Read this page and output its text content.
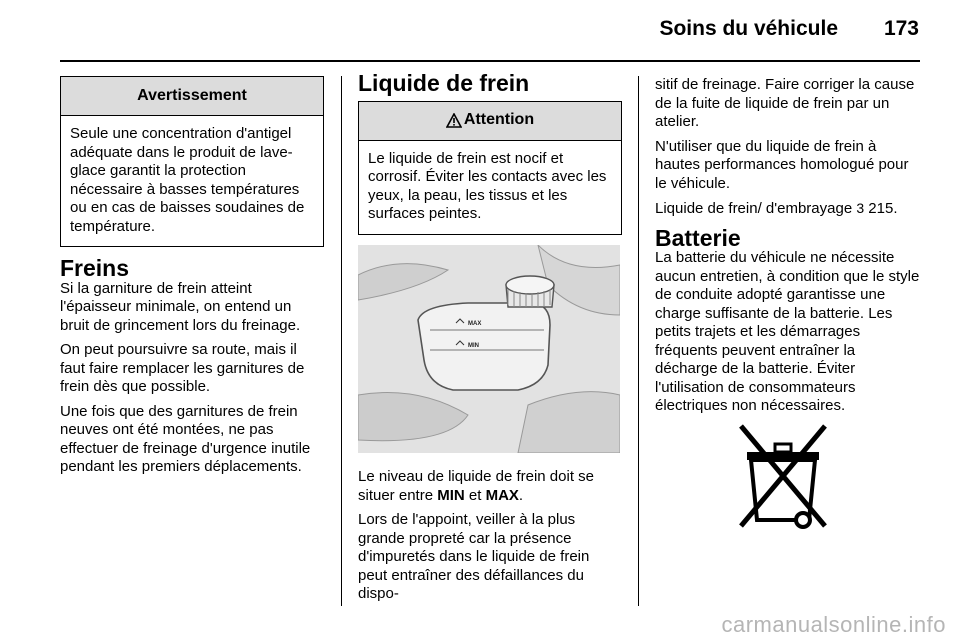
Soins du véhicule 173
Avertissement
Seule une concentration d'antigel adéquate dans le produit de lave-glace garantit la protection nécessaire à basses températures ou en cas de baisses soudaines de température.
Freins

Si la garniture de frein atteint l'épaisseur minimale, on entend un bruit de grincement lors du freinage.

On peut poursuivre sa route, mais il faut faire remplacer les garnitures de frein dès que possible.

Une fois que des garnitures de frein neuves ont été montées, ne pas effectuer de freinage d'urgence inutile pendant les premiers déplacements.

Liquide de frein
Attention
Le liquide de frein est nocif et corrosif. Éviter les contacts avec les yeux, la peau, les tissus et les surfaces peintes.
MAX
MIN

Le niveau de liquide de frein doit se situer entre MIN et MAX.

Lors de l'appoint, veiller à la plus grande propreté car la présence d'impuretés dans le liquide de frein peut entraîner des défaillances du dispo-

sitif de freinage. Faire corriger la cause de la fuite de liquide de frein par un atelier.

N'utiliser que du liquide de frein à hautes performances homologué pour le véhicule.

Liquide de frein/ d'embrayage 3 215.

Batterie

La batterie du véhicule ne nécessite aucun entretien, à condition que le style de conduite adopté garantisse une charge suffisante de la batterie. Les petits trajets et les démarrages fréquents peuvent entraîner la décharge de la batterie. Éviter l'utilisation de consommateurs électriques non nécessaires.

carmanualsonline.info
